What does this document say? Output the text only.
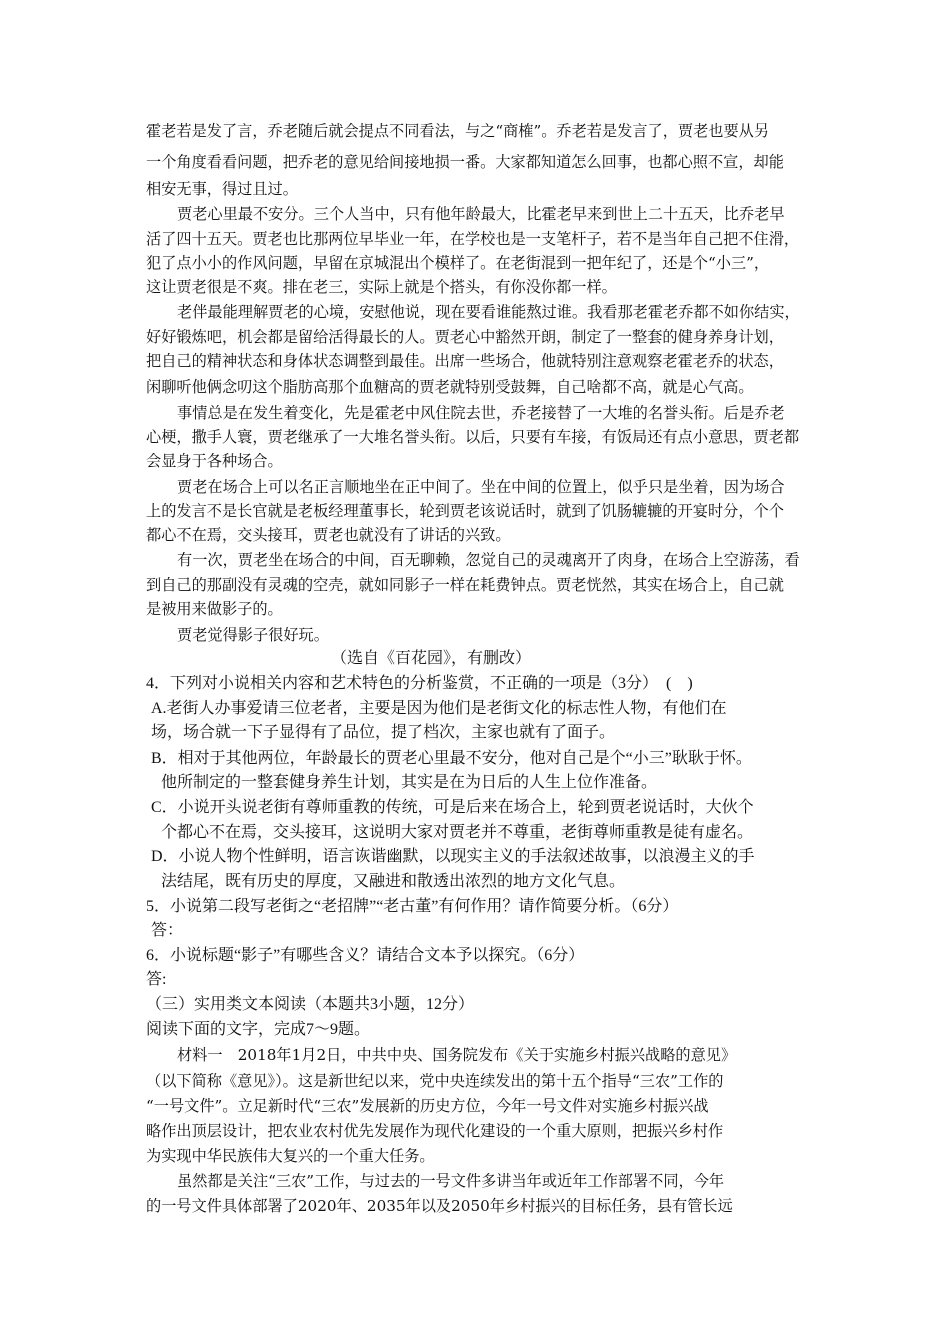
霍老若是发了言，乔老随后就会提点不同看法，与之“商榷”。乔老若是发言了，贾老也要从另
一个角度看看问题，把乔老的意见给间接地损一番。大家都知道怎么回事，也都心照不宣，却能
相安无事，得过且过。
贾老心里最不安分。三个人当中，只有他年龄最大，比霍老早来到世上二十五天，比乔老早
活了四十五天。贾老也比那两位早毕业一年，在学校也是一支笔杆子，若不是当年自己把不住滑，
犯了点小小的作风问题，早留在京城混出个模样了。在老街混到一把年纪了，还是个“小三”，
这让贾老很是不爽。排在老三，实际上就是个搭头，有你没你都一样。
老伴最能理解贾老的心境，安慰他说，现在要看谁能熬过谁。我看那老霍老乔都不如你结实，
好好锻炼吧，机会都是留给活得最长的人。贾老心中豁然开朗，制定了一整套的健身养身计划，
把自己的精神状态和身体状态调整到最佳。出席一些场合，他就特别注意观察老霍老乔的状态，
闲聊听他俩念叨这个脂肪高那个血糖高的贾老就特别受鼓舞，自己啥都不高，就是心气高。
事情总是在发生着变化，先是霍老中风住院去世，乔老接替了一大堆的名誉头衔。后是乔老
心梗，撒手人寰，贾老继承了一大堆名誉头衔。以后，只要有车接，有饭局还有点小意思，贾老都
会显身于各种场合。
贾老在场合上可以名正言顺地坐在正中间了。坐在中间的位置上，似乎只是坐着，因为场合
上的发言不是长官就是老板经理董事长，轮到贾老该说话时，就到了饥肠辘辘的开宴时分，个个
都心不在焉，交头接耳，贾老也就没有了讲话的兴致。
有一次，贾老坐在场合的中间，百无聊赖，忽觉自己的灵魂离开了肉身，在场合上空游荡，看
到自己的那副没有灵魂的空壳，就如同影子一样在耗费钟点。贾老恍然，其实在场合上，自己就
是被用来做影子的。
贾老觉得影子很好玩。
（选自《百花园》，有删改）
4．下列对小说相关内容和艺术特色的分析鉴赏，不正确的一项是（3分）　(　)
A.老街人办事爱请三位老者，主要是因为他们是老街文化的标志性人物，有他们在
场，场合就一下子显得有了品位，提了档次，主家也就有了面子。
B．相对于其他两位，年龄最长的贾老心里最不安分，他对自己是个“小三”耿耿于怀。
他所制定的一整套健身养生计划，其实是在为日后的人生上位作准备。
C．小说开头说老街有尊师重教的传统，可是后来在场合上，轮到贾老说话时，大伙个
个都心不在焉，交头接耳，这说明大家对贾老并不尊重，老街尊师重教是徒有虚名。
D．小说人物个性鲜明，语言诙谐幽默，以现实主义的手法叙述故事，以浪漫主义的手
法结尾，既有历史的厚度，又融进和散透出浓烈的地方文化气息。
5．小说第二段写老街之“老招牌”“老古董”有何作用？请作简要分析。（6分）
答：
6．小说标题“影子”有哪些含义？请结合文本予以探究。（6分）
答:
（三）实用类文本阅读（本题共3小题，12分）
阅读下面的文字，完成7～9题。
材料一　2018年1月2日，中共中央、国务院发布《关于实施乡村振兴战略的意见》
（以下简称《意见》）。这是新世纪以来，党中央连续发出的第十五个指导“三农”工作的
“一号文件”。立足新时代“三农”发展新的历史方位，今年一号文件对实施乡村振兴战
略作出顶层设计，把农业农村优先发展作为现代化建设的一个重大原则，把振兴乡村作
为实现中华民族伟大复兴的一个重大任务。
虽然都是关注“三农”工作，与过去的一号文件多讲当年或近年工作部署不同，今年
的一号文件具体部署了2020年、2035年以及2050年乡村振兴的目标任务，县有管长远
